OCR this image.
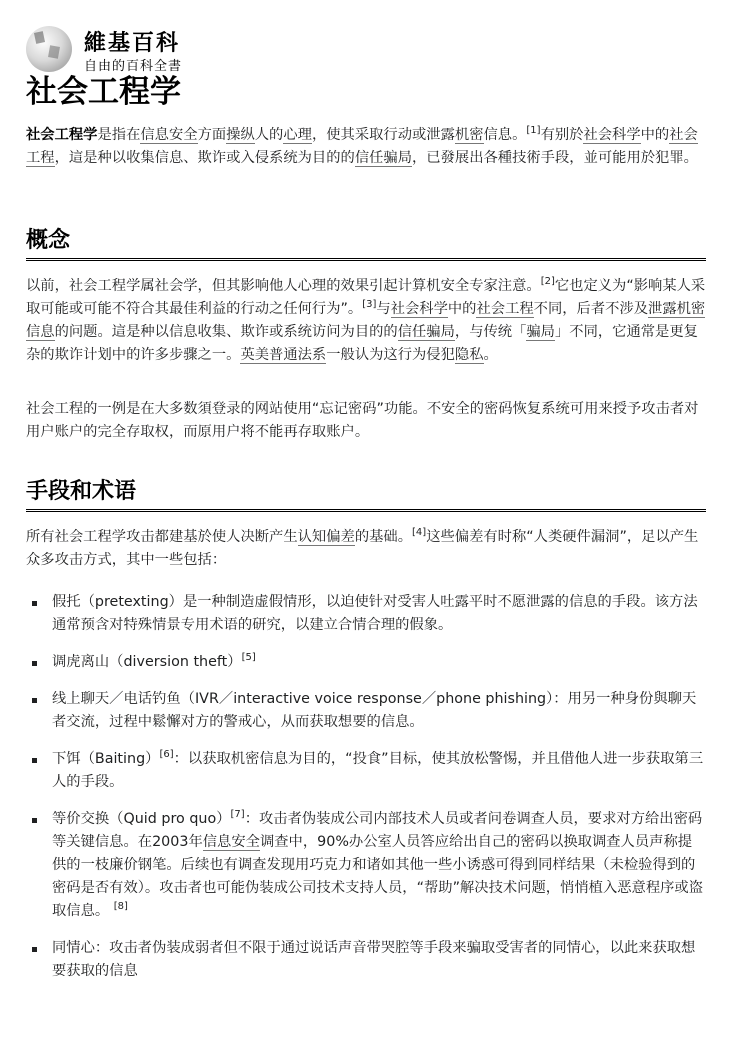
維基百科
自由的百科全書
社会工程学

社会工程学是指在信息安全方面操纵人的心理，使其采取行动或泄露机密信息。[1]有别於社会科学中的社会工程，這是种以收集信息、欺诈或入侵系统为目的的信任骗局，已發展出各種技術手段，並可能用於犯罪。

概念

以前，社会工程学属社会学，但其影响他人心理的效果引起计算机安全专家注意。[2]它也定义为“影响某人采取可能或可能不符合其最佳利益的行动之任何行为”。[3]与社会科学中的社会工程不同，后者不涉及泄露机密信息的问题。這是种以信息收集、欺诈或系统访问为目的的信任骗局，与传统「骗局」不同，它通常是更复杂的欺诈计划中的许多步骤之一。英美普通法系一般认为这行为侵犯隐私。

社会工程的一例是在大多数須登录的网站使用“忘记密码”功能。不安全的密码恢复系统可用来授予攻击者对用户账户的完全存取权，而原用户将不能再存取账户。

手段和术语

所有社会工程学攻击都建基於使人决断产生认知偏差的基础。[4]这些偏差有时称“人类硬件漏洞”，足以产生众多攻击方式，其中一些包括：

假托（pretexting）是一种制造虚假情形，以迫使针对受害人吐露平时不愿泄露的信息的手段。该方法通常预含对特殊情景专用术语的研究，以建立合情合理的假象。
调虎离山（diversion theft）[5]
线上聊天／电话钓鱼（IVR／interactive voice response／phone phishing）：用另一种身份與聊天者交流，过程中鬆懈对方的警戒心，从而获取想要的信息。
下饵（Baiting）[6]：以获取机密信息为目的，“投食”目标，使其放松警惕，并且借他人进一步获取第三人的手段。
等价交换（Quid pro quo）[7]：攻击者伪装成公司内部技术人员或者问卷调查人员，要求对方给出密码等关键信息。在2003年信息安全调查中，90%办公室人员答应给出自己的密码以换取调查人员声称提供的一枝廉价钢笔。后续也有调查发现用巧克力和诸如其他一些小诱惑可得到同样结果（未检验得到的密码是否有效）。攻击者也可能伪装成公司技术支持人员，“帮助”解决技术问题，悄悄植入恶意程序或盗取信息。 [8]
同情心：攻击者伪装成弱者但不限于通过说话声音带哭腔等手段来骗取受害者的同情心，以此来获取想要获取的信息
